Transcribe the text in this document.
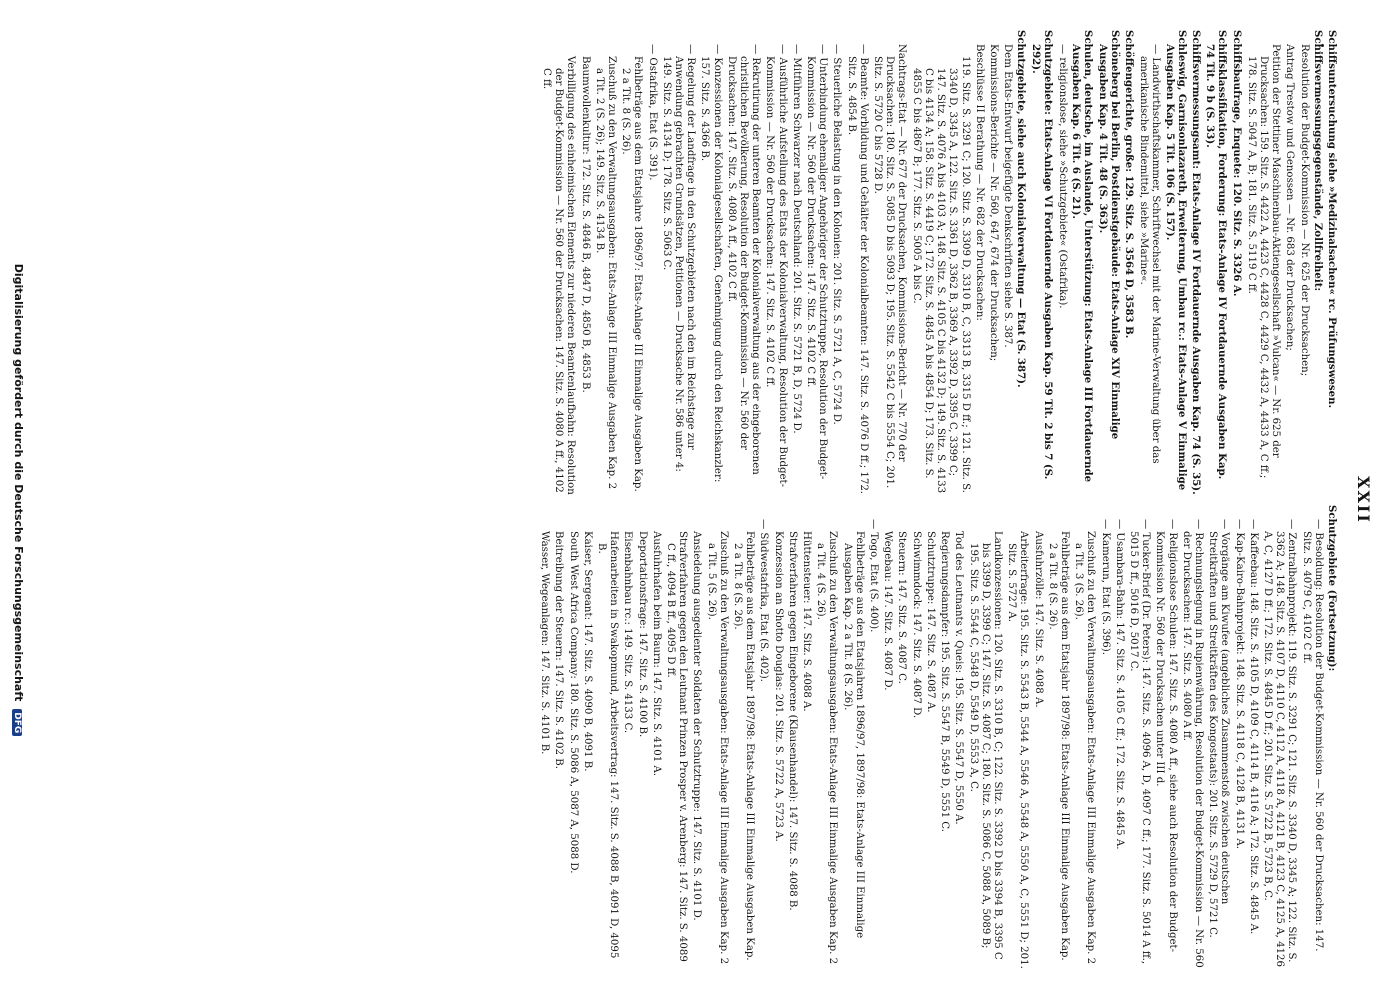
XXII
Schiffsuntersuchung siehe »Medizinalsachen« rc. Prüfungswesen.
Schiffsvermessungsgegenstände, Zollfreiheit:
Resolution der Budget-Kommission — Nr. 625 der Drucksachen;
Antrag Trestow und Genossen — Nr. 683 der Drucksachen;
Petition der Stettiner Maschinenbau-Aktiengesellschaft »Vulcan« — Nr. 625 der Drucksachen: 159. Sitz. S. 4422 A, 4423 C, 4428 C, 4429 C, 4432 A, 4433 A, C ff.; 178. Sitz. S. 5047 A, B; 181. Sitz. S. 5119 C ff.
Schiffsbaufrage, Enquete: 120. Sitz. S. 3326 A.
Schiffsklassifikation, Forderung: Etats-Anlage IV Fortdauernde Ausgaben Kap. 74 Tit. 9 b (S. 33).
Schiffsvermessungsamt: Etats-Anlage IV Fortdauernde Ausgaben Kap. 74 (S. 35).
Schleswig, Garnisonlazareth, Erweiterung, Umbau rc.: Etats-Anlage V Einmalige Ausgaben Kap. 5 Tit. 106 (S. 157).
— Landwirthschaftskammer, Schriftwechsel mit der Marine-Verwaltung über das amerikanische Bindemittel, siehe »Marine«.
Schöffengerichte, große: 129. Sitz. S. 3564 D, 3583 B.
Schöneberg bei Berlin, Postdienstgebäude: Etats-Anlage XIV Einmalige Ausgaben Kap. 4 Tit. 48 (S. 363).
Schulen, deutsche, im Auslande, Unterstützung: Etats-Anlage III Fortdauernde Ausgaben Kap. 6 Tit. 6 (S. 21).
— religionslose, siehe »Schutzgebiete« (Ostafrika).
Schutzgebiete: Etats-Anlage VI Fortdauernde Ausgaben Kap. 59 Tit. 2 bis 7 (S. 292).
Schutzgebiete, siehe auch Kolonialverwaltung — Etat (S. 387).
Dem Etats-Entwurf beigefügte Denkschriften siehe S. 387.
Kommissions-Berichte — Nr. 560, 647, 674 der Drucksachen;
Beschlüsse II Berathung — Nr. 682 der Drucksachen:
119. Sitz. S. 3291 C; 120. Sitz. S. 3309 D, 3310 B, C, 3313 B, 3315 D ff.; 121. Sitz. S. 3340 D, 3345 A, 122. Sitz. S. 3361 D, 3362 B, 3369 A, 3392 D, 3395 C, 3399 C; 147. Sitz. S. 4076 A bis 4103 A; 148. Sitz. S. 4105 C bis 4132 D; 149. Sitz. S. 4133 C bis 4134 A; 158. Sitz. S. 4419 C; 172. Sitz. S. 4845 A bis 4854 D; 173. Sitz. S. 4855 C bis 4867 B; 177. Sitz. S. 5005 A bis C.
Nachtrags-Etat — Nr. 677 der Drucksachen, Kommissions-Bericht — Nr. 770 der Drucksachen: 180. Sitz. S. 5085 D bis 5093 D; 195. Sitz. S. 5542 C bis 5554 C; 201. Sitz. S. 5720 C bis 5728 D.
— Beamte: Vorbildung und Gehälter der Kolonialbeamten: 147. Sitz. S. 4076 D ff.; 172. Sitz. S. 4854 B.
— Steuerliche Belastung in den Kolonien: 201. Sitz. S. 5721 A, C, 5724 D.
— Unterbindung ehemaliger Angehöriger der Schutztruppe, Resolution der Budget-Kommission — Nr. 560 der Drucksachen: 147. Sitz. S. 4102 C ff.
— Mitführen Schwarzer nach Deutschland: 201. Sitz. S. 5721 B, D, 5724 D.
— Ausführliche Aufstellung des Etats der Kolonialverwaltung, Resolution der Budget-Kommission — Nr. 560 der Drucksachen: 147. Sitz. S. 4102 C ff.
— Rekrutirung der unteren Beamten der Kolonialverwaltung aus der eingeborenen christlichen Bevölkerung, Resolution der Budget-Kommission — Nr. 560 der Drucksachen: 147. Sitz. S. 4080 A ff., 4102 C ff.
— Konzessionen der Kolonialgesellschaften, Genehmigung durch den Reichskanzler: 157. Sitz. S. 4366 B.
— Regelung der Landfrage in den Schutzgebieten nach den im Reichstage zur Anwendung gebrachten Grundsätzen, Petitionen — Drucksache Nr. 586 unter 4: 149. Sitz. S. 4134 D; 178. Sitz. S. 5063 C.
— Ostafrika, Etat (S. 391).
Fehlbeträge aus dem Etatsjahre 1896/97: Etats-Anlage III Einmalige Ausgaben Kap. 2 a Tit. 8 (S. 26).
Zuschuß zu den Verwaltungsausgaben: Etats-Anlage III Einmalige Ausgaben Kap. 2 a Tit. 2 (S. 26); 149. Sitz. S. 4134 B.
Baumwollenkultur: 172. Sitz. S. 4846 B, 4847 D, 4850 B, 4853 B.
Verbilligung des einheimischen Elements zur niederen Beamtenlaufbahn: Resolution der Budget-Kommission — Nr. 560 der Drucksachen: 147. Sitz. S. 4080 A ff., 4102 C ff.
Schutzgebiete (Fortsetzung):
— Besoldung: Resolution der Budget-Kommission — Nr. 560 der Drucksachen: 147. Sitz. S. 4079 C, 4102 C ff.
— Zentralbahnprojekt: 119. Sitz. S. 3291 C; 121. Sitz. S. 3340 D, 3345 A; 122. Sitz. S. 3362 A; 148. Sitz. S. 4107 D, 4110 C, 4112 A, 4118 A, 4121 B, 4123 C, 4125 A, 4126 A, C, 4127 D ff.; 172. Sitz. S. 4845 D ff.; 201. Sitz. S. 5722 B, 5723 B, C.
— Kaffeebau: 148. Sitz. S. 4105 D, 4109 C, 4114 B, 4116 A; 172. Sitz. S. 4845 A.
— Kap-Kairo-Bahnprojekt: 148. Sitz. S. 4118 C, 4128 B, 4131 A.
— Vorgänge am Kiwufee (angebliches Zusammenstoß zwischen deutschen Streitkräften und Streitkräften des Kongostaats): 201. Sitz. S. 5729 D, 5721 C.
— Rechnungslegung in Rupienwährung, Resolution der Budget-Kommission — Nr. 560 der Drucksachen: 147. Sitz. S. 4080 A ff.
— Religionslose Schulen: 147. Sitz. S. 4080 A ff., siehe auch Resolution der Budget-Kommission Nr. 560 der Drucksachen unter III d.
— Tucker-Brief (Dr. Peters): 147. Sitz. S. 4096 A, D, 4097 C ff.; 177. Sitz. S. 5014 A ff., 5015 D ff., 5016 D, 5017 C.
— Usambara-Bahn: 147. Sitz. S. 4105 C ff.; 172. Sitz. S. 4845 A.
— Kamerun, Etat (S. 396).
Zuschuß zu den Verwaltungsausgaben: Etats-Anlage III Einmalige Ausgaben Kap. 2 a Tit. 3 (S. 26).
Fehlbeträge aus dem Etatsjahr 1897/98: Etats-Anlage III Einmalige Ausgaben Kap. 2 a Tit. 8 (S. 26).
Ausfuhrzölle: 147. Sitz. S. 4088 A.
Arbeiterfrage: 195. Sitz. S. 5543 B, 5544 A, 5546 A, 5548 A, 5550 A, C, 5551 D; 201. Sitz. S. 5727 A.
Landkonzessionen: 120. Sitz. S. 3310 B, C; 122. Sitz. S. 3392 D bis 3394 B, 3395 C bis 3399 D, 3399 C; 147. Sitz. S. 4087 C; 180. Sitz. S. 5086 C, 5088 A, 5089 B; 195. Sitz. S. 5544 C, 5548 D, 5549 D, 5553 A, C.
Tod des Leutnants v. Queis: 195. Sitz. S. 5547 D, 5550 A.
Regierungsdampfer: 195. Sitz. S. 5547 B, 5549 D, 5551 C.
Schutztruppe: 147. Sitz. S. 4087 A.
Schwimmdock: 147. Sitz. S. 4087 D.
Steuern: 147. Sitz. S. 4087 C.
Wegebau: 147. Sitz. S. 4087 D.
— Togo, Etat (S. 400).
Fehlbeträge aus den Etatsjahren 1896/97, 1897/98: Etats-Anlage III Einmalige Ausgaben Kap. 2 a Tit. 8 (S. 26).
Zuschuß zu den Verwaltungsausgaben: Etats-Anlage III Einmalige Ausgaben Kap. 2 a Tit. 4 (S. 26).
Hüttensteuer: 147. Sitz. S. 4088 A.
Strafverfahren gegen Eingeborene (Klausenhandel): 147. Sitz. S. 4088 B.
Konzession an Shotto Douglas: 201. Sitz. S. 5722 A, 5723 A.
— Südwestafrika, Etat (S. 402).
Fehlbeträge aus dem Etatsjahr 1897/98: Etats-Anlage III Einmalige Ausgaben Kap. 2 a Tit. 8 (S. 26).
Zuschuß zu den Verwaltungsausgaben: Etats-Anlage III Einmalige Ausgaben Kap. 2 a Tit. 5 (S. 26).
Ansiedelung ausgedienter Soldaten der Schutztruppe: 147. Sitz. S. 4101 D.
Strafverfahren gegen den Leutnant Prinzen Prosper v. Arenberg: 147. Sitz. S. 4089 C ff., 4094 B ff., 4095 D ff.
Ausfuhrhafen beim Baurn: 147. Sitz. S. 4101 A.
Deportationsfrage: 147. Sitz. S. 4100 B.
Eisenbahnbau rc.: 149. Sitz. S. 4133 C.
Hafenarbeiten in Swakopmund, Arbeitsvertrag: 147. Sitz. S. 4088 B, 4091 D, 4095 B.
Kaiser, Sergeant: 147. Sitz. S. 4090 B, 4091 B.
South West Africa Company: 180. Sitz. S. 5086 A, 5087 A, 5088 D.
Beitreibung der Steuern: 147. Sitz. S. 4102 B.
Wasser, Wegeanlagen: 147. Sitz. S. 4101 B.
Digitalisierung gefördert durch die Deutsche Forschungsgemeinschaft DFG
